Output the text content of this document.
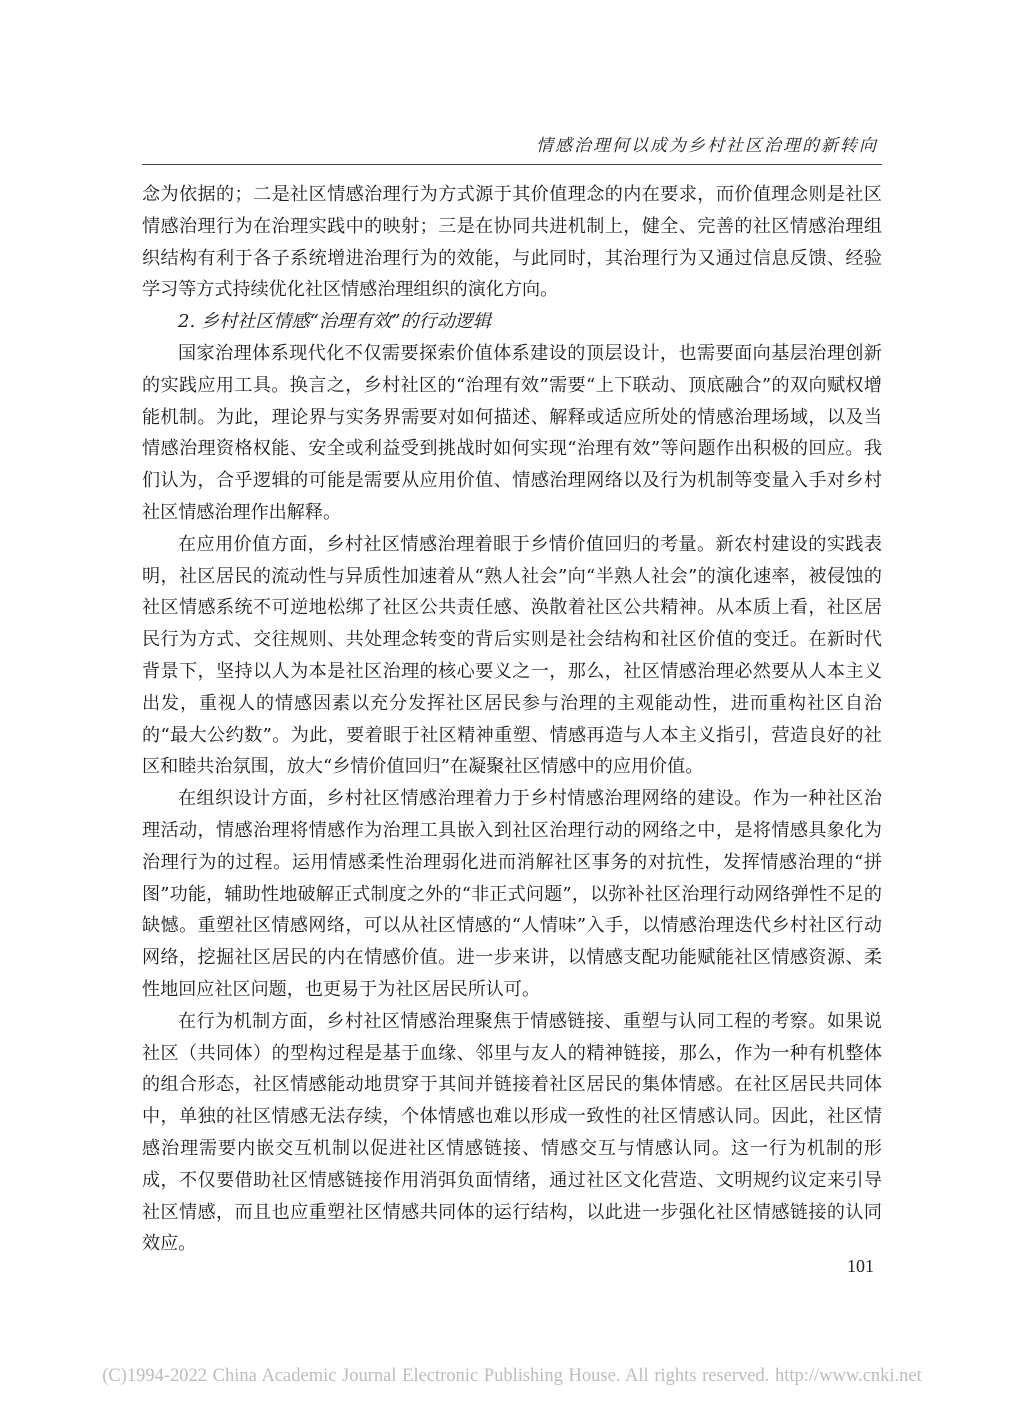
情感治理何以成为乡村社区治理的新转向

念为依据的；二是社区情感治理行为方式源于其价值理念的内在要求，而价值理念则是社区情感治理行为在治理实践中的映射；三是在协同共进机制上，健全、完善的社区情感治理组织结构有利于各子系统增进治理行为的效能，与此同时，其治理行为又通过信息反馈、经验学习等方式持续优化社区情感治理组织的演化方向。

2. 乡村社区情感“治理有效”的行动逻辑

国家治理体系现代化不仅需要探索价值体系建设的顶层设计，也需要面向基层治理创新的实践应用工具。换言之，乡村社区的“治理有效”需要“上下联动、顶底融合”的双向赋权增能机制。为此，理论界与实务界需要对如何描述、解释或适应所处的情感治理场域，以及当情感治理资格权能、安全或利益受到挑战时如何实现“治理有效”等问题作出积极的回应。我们认为，合乎逻辑的可能是需要从应用价值、情感治理网络以及行为机制等变量入手对乡村社区情感治理作出解释。

在应用价值方面，乡村社区情感治理着眼于乡情价值回归的考量。新农村建设的实践表明，社区居民的流动性与异质性加速着从“熟人社会”向“半熟人社会”的演化速率，被侵蚀的社区情感系统不可逆地松绑了社区公共责任感、涣散着社区公共精神。从本质上看，社区居民行为方式、交往规则、共处理念转变的背后实则是社会结构和社区价值的变迁。在新时代背景下，坚持以人为本是社区治理的核心要义之一，那么，社区情感治理必然要从人本主义出发，重视人的情感因素以充分发挥社区居民参与治理的主观能动性，进而重构社区自治的“最大公约数”。为此，要着眼于社区精神重塑、情感再造与人本主义指引，营造良好的社区和睦共治氛围，放大“乡情价值回归”在凝聚社区情感中的应用价值。

在组织设计方面，乡村社区情感治理着力于乡村情感治理网络的建设。作为一种社区治理活动，情感治理将情感作为治理工具嵌入到社区治理行动的网络之中，是将情感具象化为治理行为的过程。运用情感柔性治理弱化进而消解社区事务的对抗性，发挥情感治理的“拼图”功能，辅助性地破解正式制度之外的“非正式问题”，以弥补社区治理行动网络弹性不足的缺憾。重塑社区情感网络，可以从社区情感的“人情味”入手，以情感治理迭代乡村社区行动网络，挖掘社区居民的内在情感价值。进一步来讲，以情感支配功能赋能社区情感资源、柔性地回应社区问题，也更易于为社区居民所认可。

在行为机制方面，乡村社区情感治理聚焦于情感链接、重塑与认同工程的考察。如果说社区（共同体）的型构过程是基于血缘、邻里与友人的精神链接，那么，作为一种有机整体的组合形态，社区情感能动地贯穿于其间并链接着社区居民的集体情感。在社区居民共同体中，单独的社区情感无法存续，个体情感也难以形成一致性的社区情感认同。因此，社区情感治理需要内嵌交互机制以促进社区情感链接、情感交互与情感认同。这一行为机制的形成，不仅要借助社区情感链接作用消弭负面情绪，通过社区文化营造、文明规约议定来引导社区情感，而且也应重塑社区情感共同体的运行结构，以此进一步强化社区情感链接的认同效应。

101
(C)1994-2022 China Academic Journal Electronic Publishing House. All rights reserved. http://www.cnki.net
